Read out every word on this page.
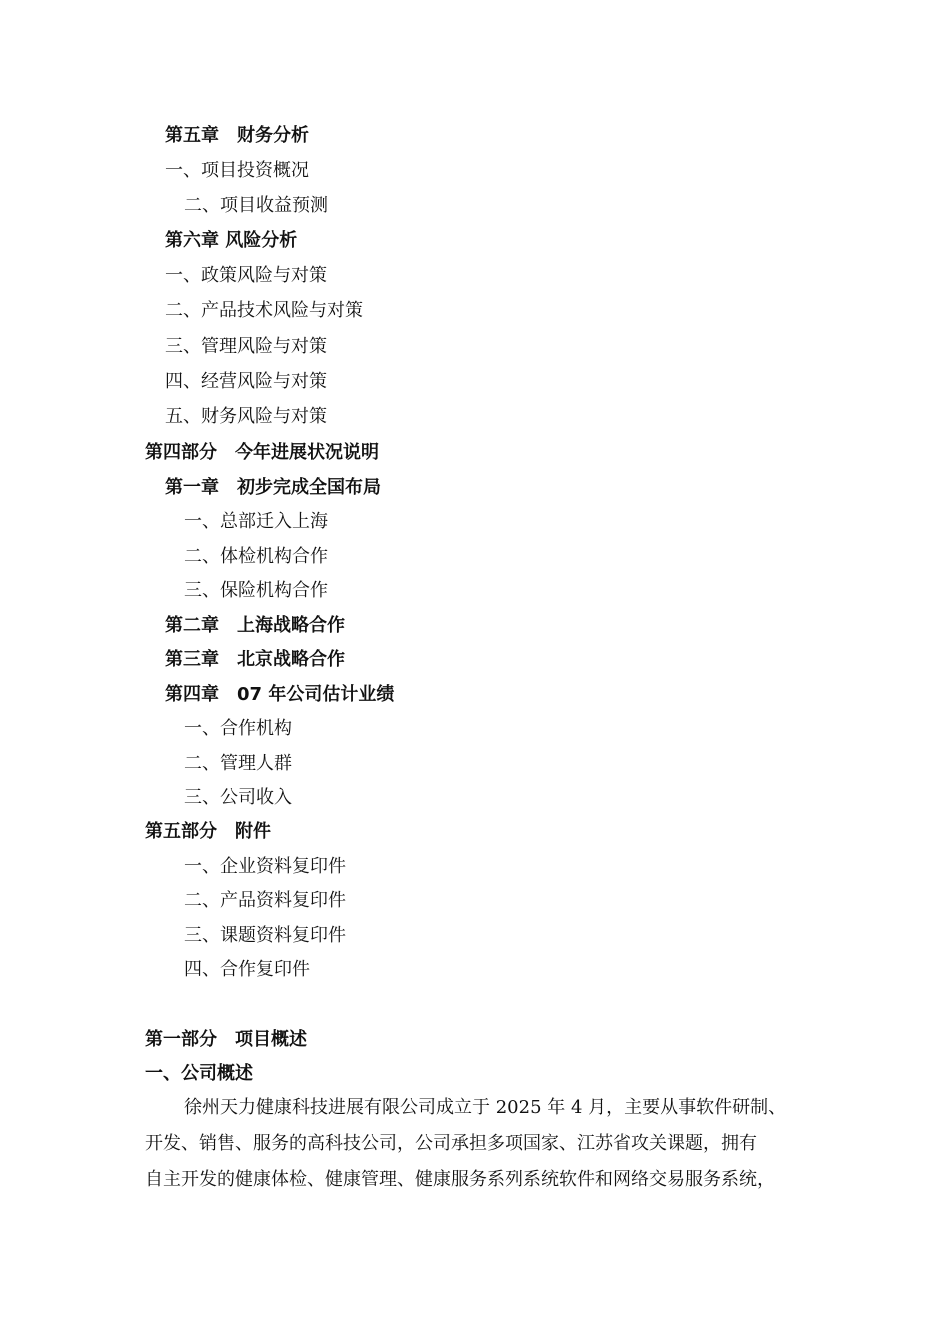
第五章　财务分析
一、项目投资概况
二、项目收益预测
第六章 风险分析
一、政策风险与对策
二、产品技术风险与对策
三、管理风险与对策
四、经营风险与对策
五、财务风险与对策
第四部分　今年进展状况说明
第一章　初步完成全国布局
一、总部迁入上海
二、体检机构合作
三、保险机构合作
第二章　上海战略合作
第三章　北京战略合作
第四章　07 年公司估计业绩
一、合作机构
二、管理人群
三、公司收入
第五部分　附件
一、企业资料复印件
二、产品资料复印件
三、课题资料复印件
四、合作复印件
第一部分　项目概述
一、公司概述

徐州天力健康科技进展有限公司成立于 2025 年 4 月，主要从事软件研制、

开发、销售、服务的高科技公司，公司承担多项国家、江苏省攻关课题，拥有

自主开发的健康体检、健康管理、健康服务系列系统软件和网络交易服务系统，
